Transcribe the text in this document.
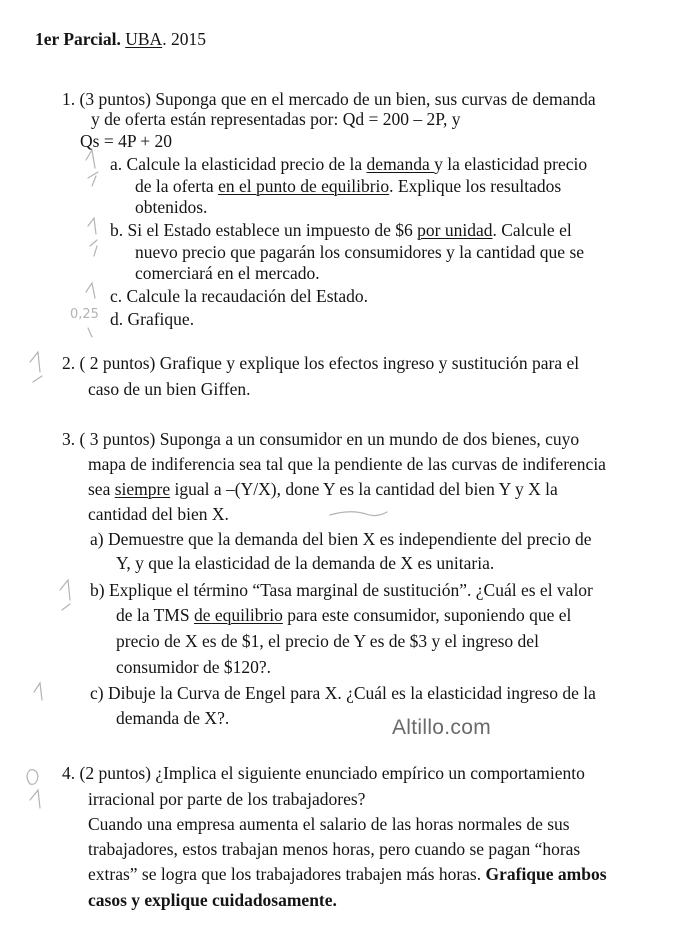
1er Parcial. UBA. 2015
1. (3 puntos) Suponga que en el mercado de un bien, sus curvas de demanda
y de oferta están representadas por: Qd = 200 – 2P, y
Qs = 4P + 20
a. Calcule la elasticidad precio de la demanda y la elasticidad precio
de la oferta en el punto de equilibrio. Explique los resultados
obtenidos.
b. Si el Estado establece un impuesto de $6 por unidad. Calcule el
nuevo precio que pagarán los consumidores y la cantidad que se
comerciará en el mercado.
c. Calcule la recaudación del Estado.
d. Grafique.
2. ( 2 puntos) Grafique y explique los efectos ingreso y sustitución para el
caso de un bien Giffen.
3. ( 3 puntos) Suponga a un consumidor en un mundo de dos bienes, cuyo
mapa de indiferencia sea tal que la pendiente de las curvas de indiferencia
sea siempre igual a –(Y/X), done Y es la cantidad del bien Y y X la
cantidad del bien X.
a) Demuestre que la demanda del bien X es independiente del precio de
Y, y que la elasticidad de la demanda de X es unitaria.
b) Explique el término “Tasa marginal de sustitución”. ¿Cuál es el valor
de la TMS de equilibrio para este consumidor, suponiendo que el
precio de X es de $1, el precio de Y es de $3 y el ingreso del
consumidor de $120?.
c) Dibuje la Curva de Engel para X. ¿Cuál es la elasticidad ingreso de la
demanda de X?.	Altillo.com
4. (2 puntos) ¿Implica el siguiente enunciado empírico un comportamiento
irracional por parte de los trabajadores?
Cuando una empresa aumenta el salario de las horas normales de sus
trabajadores, estos trabajan menos horas, pero cuando se pagan “horas
extras” se logra que los trabajadores trabajen más horas. Grafique ambos
casos y explique cuidadosamente.
0,25
